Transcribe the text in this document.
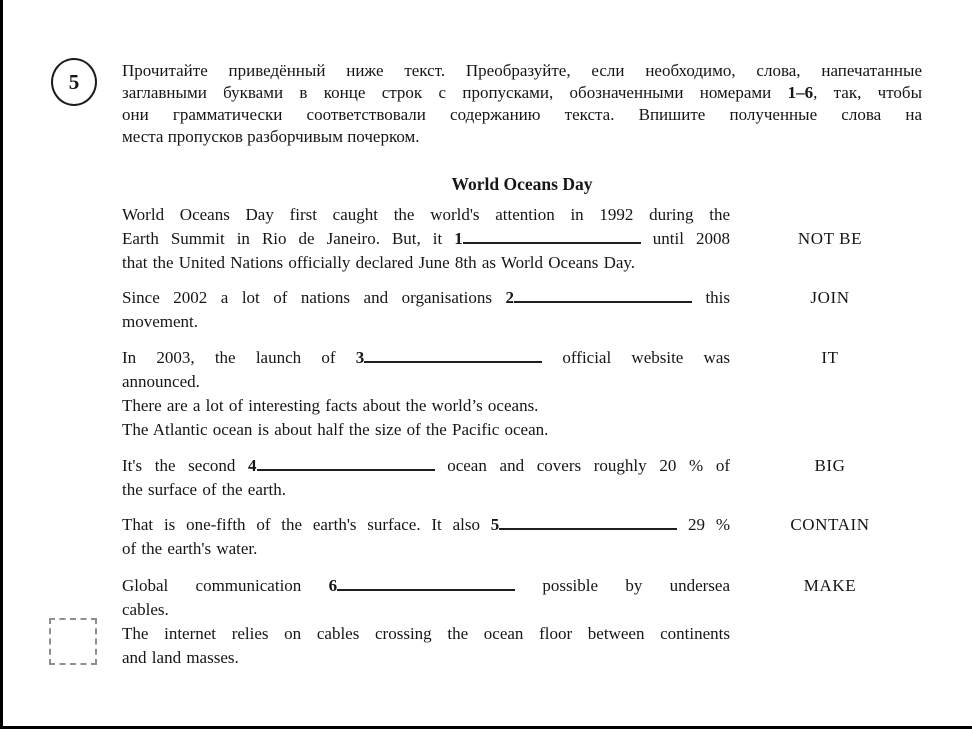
5	Прочитайте приведённый ниже текст. Преобразуйте, если необходимо, слова, напечатанные
заглавными буквами в конце строк с пропусками, обозначенными номерами 1–6, так, чтобы
они грамматически соответствовали содержанию текста. Впишите полученные слова на
места пропусков разборчивым почерком.
World Oceans Day
World Oceans Day first caught the world's attention in 1992 during the
Earth Summit in Rio de Janeiro. But, it 1	until 2008
that the United Nations officially declared June 8th as World Oceans Day.
NOT BE
Since 2002 a lot of nations and organisations 2	this
movement.
JOIN
In 2003, the launch of 3	official website was
announced.
There are a lot of interesting facts about the world’s oceans.
The Atlantic ocean is about half the size of the Pacific ocean.
IT
It's the second 4	ocean and covers roughly 20 % of
the surface of the earth.
BIG
That is one-fifth of the earth's surface. It also 5	29 %
of the earth's water.
CONTAIN
Global communication 6	possible by undersea
cables.
The internet relies on cables crossing the ocean floor between continents
and land masses.
MAKE
